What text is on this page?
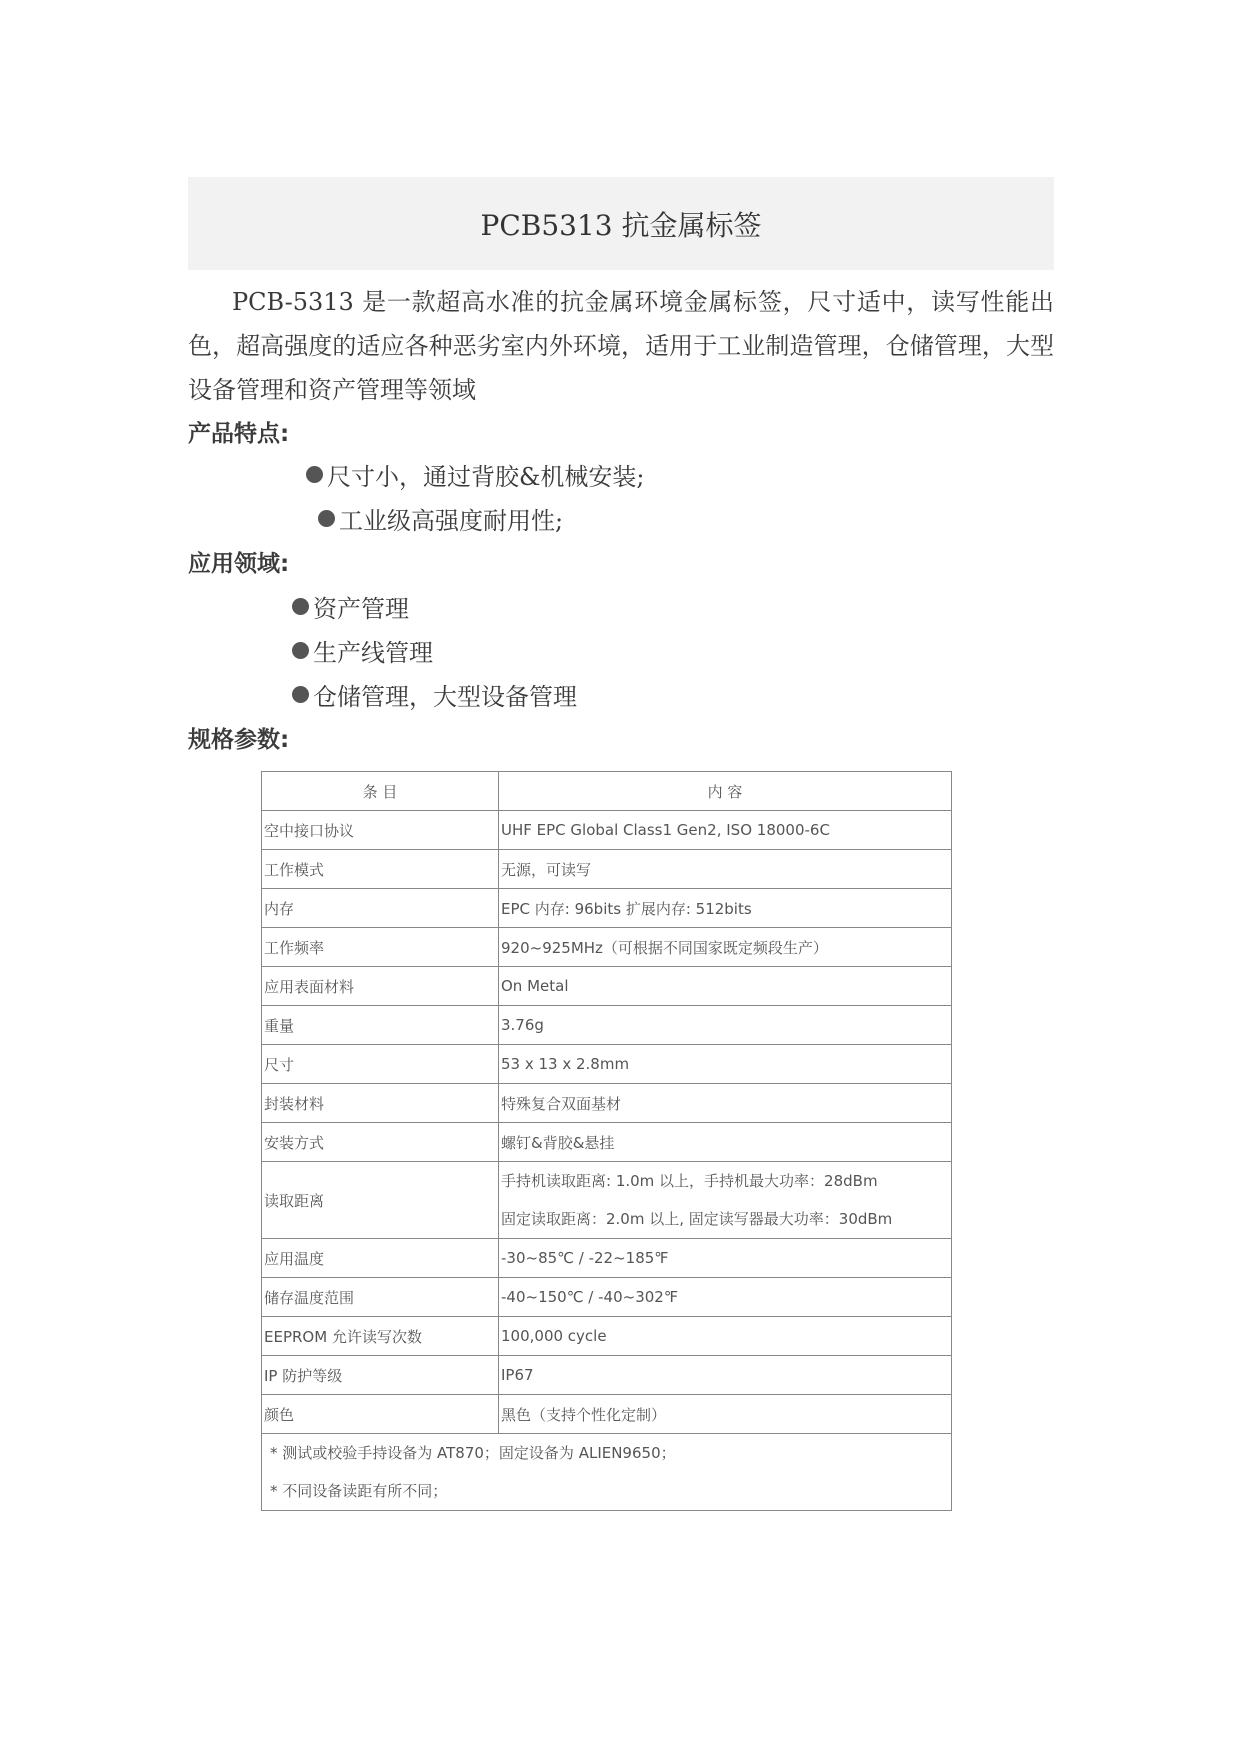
PCB5313 抗金属标签

PCB-5313 是一款超高水准的抗金属环境金属标签，尺寸适中，读写性能出色，超高强度的适应各种恶劣室内外环境，适用于工业制造管理，仓储管理，大型设备管理和资产管理等领域

产品特点:

尺寸小，通过背胶&机械安装;
工业级高强度耐用性;

应用领域:

资产管理
生产线管理
仓储管理，大型设备管理

规格参数:

条 目	内 容
空中接口协议	UHF EPC Global Class1 Gen2, ISO 18000-6C
工作模式	无源，可读写
内存	EPC 内存: 96bits 扩展内存: 512bits
工作频率	920~925MHz（可根据不同国家既定频段生产）
应用表面材料	On Metal
重量	3.76g
尺寸	53 x 13 x 2.8mm
封装材料	特殊复合双面基材
安装方式	螺钉&背胶&悬挂
读取距离	手持机读取距离: 1.0m 以上，手持机最大功率：28dBm
固定读取距离：2.0m 以上, 固定读写器最大功率：30dBm

应用温度	-30~85℃ / -22~185℉
储存温度范围	-40~150℃ / -40~302℉
EEPROM 允许读写次数	100,000 cycle
IP 防护等级	IP67
颜色	黑色（支持个性化定制）

* 测试或校验手持设备为 AT870；固定设备为 ALIEN9650；
* 不同设备读距有所不同；	
